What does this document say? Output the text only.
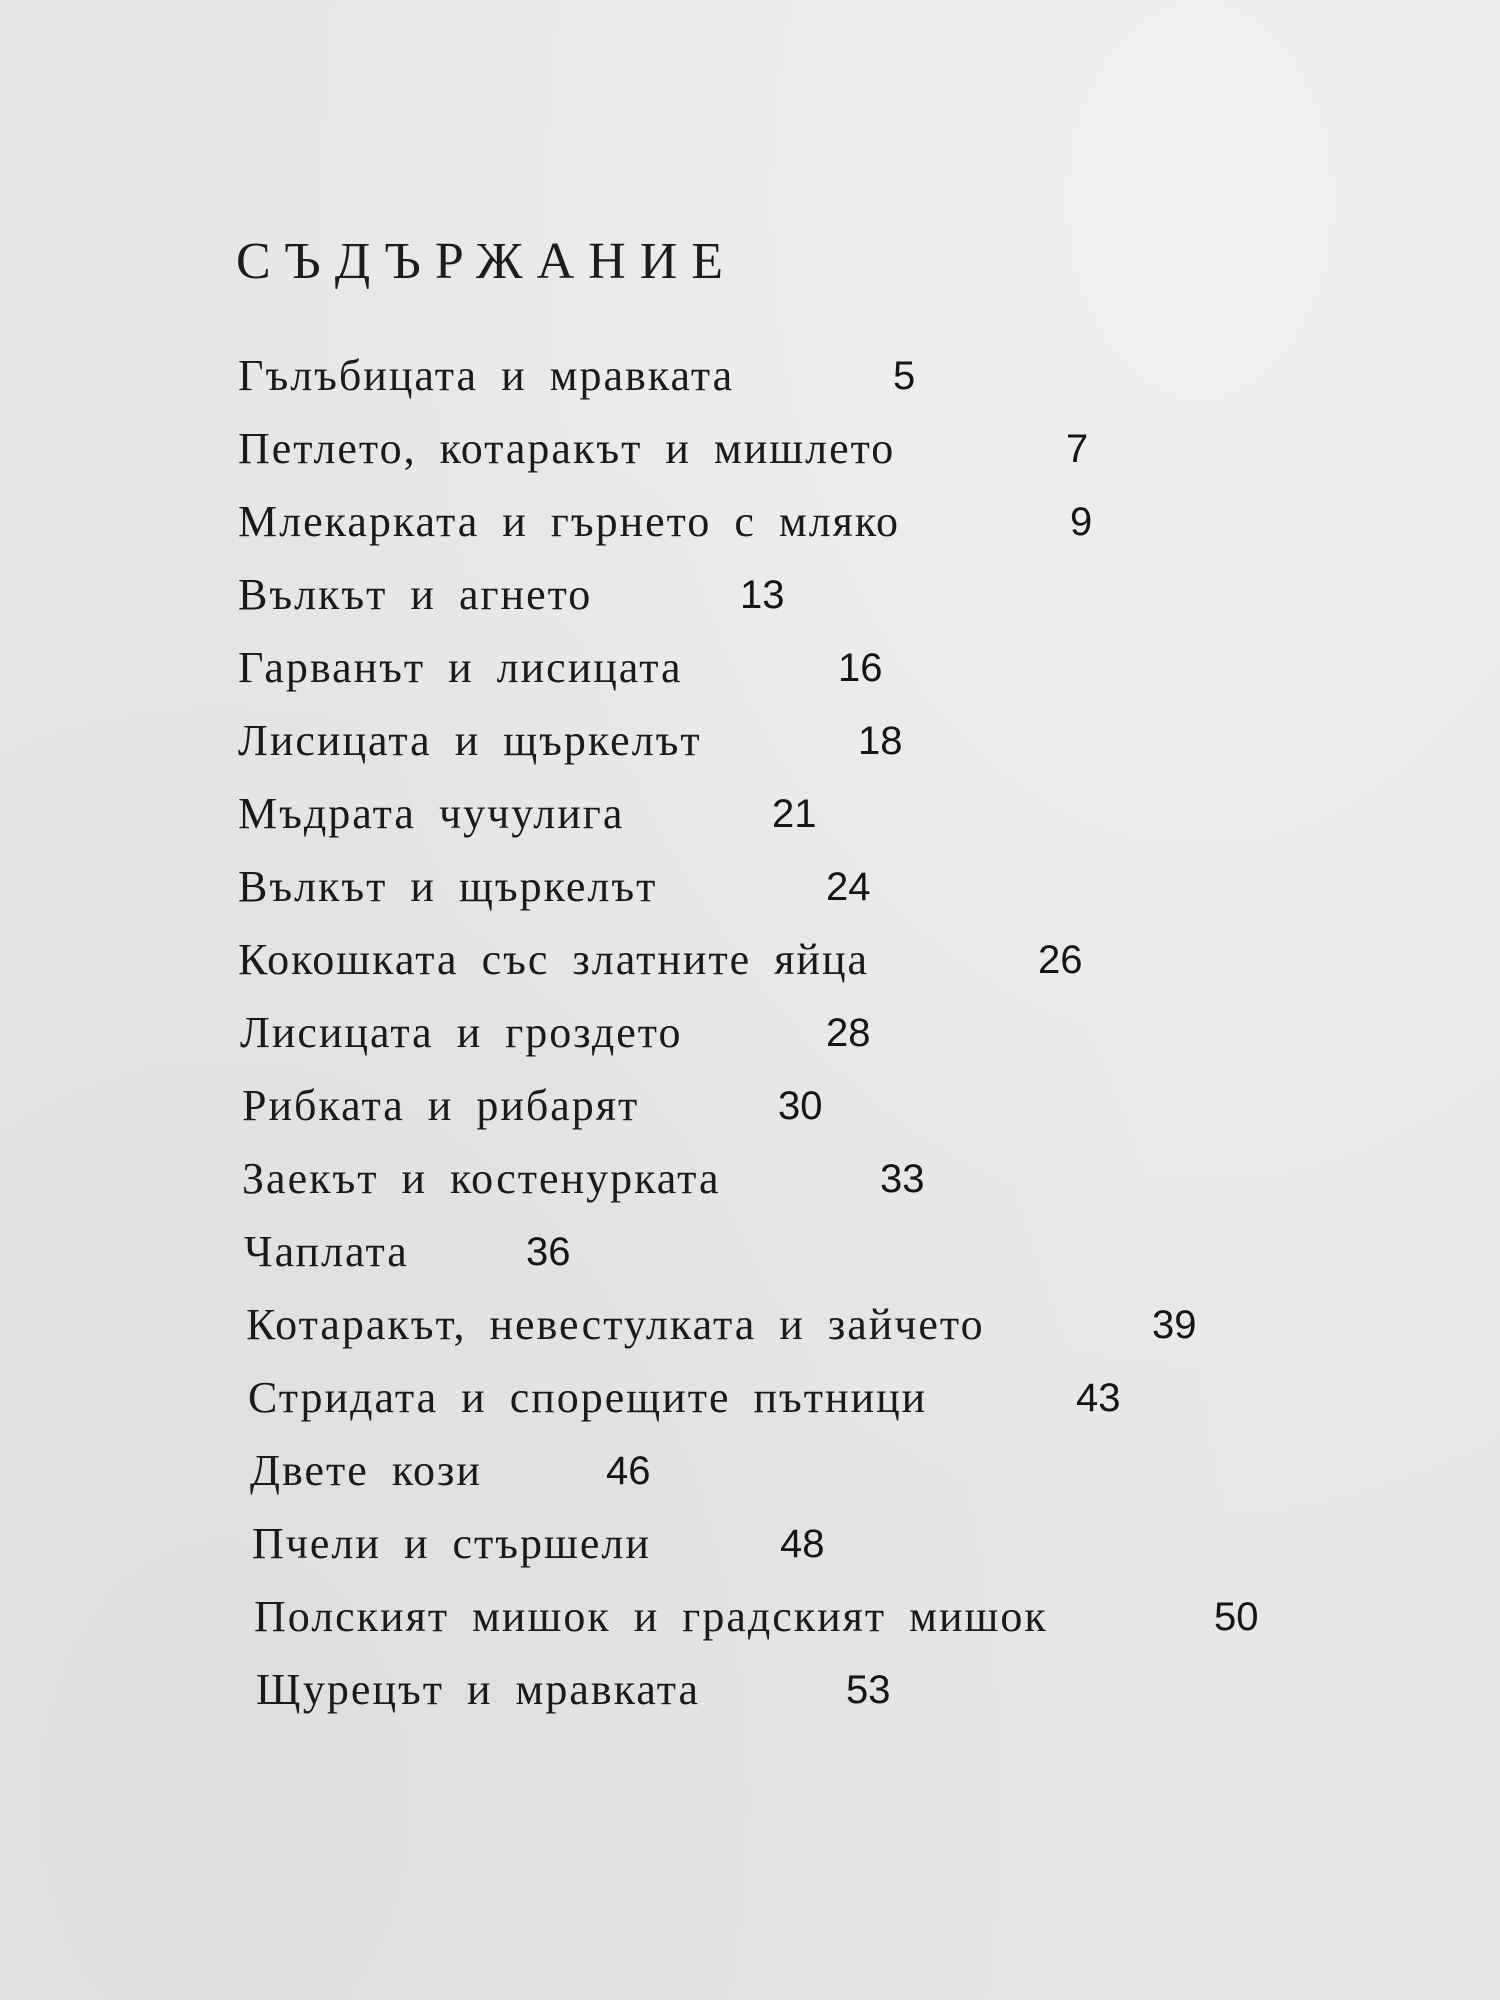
СЪДЪРЖАНИЕ
Гълъбицата и мравката	5
Петлето, котаракът и мишлето	7
Млекарката и гърнето с мляко	9
Вълкът и агнето	13
Гарванът и лисицата	16
Лисицата и щъркелът	18
Мъдрата чучулига	21
Вълкът и щъркелът	24
Кокошката със златните яйца	26
Лисицата и гроздето	28
Рибката и рибарят	30
Заекът и костенурката	33
Чаплата	36
Котаракът, невестулката и зайчето	39
Стридата и спорещите пътници	43
Двете кози	46
Пчели и стършели	48
Полският мишок и градският мишок	50
Щурецът и мравката	53
